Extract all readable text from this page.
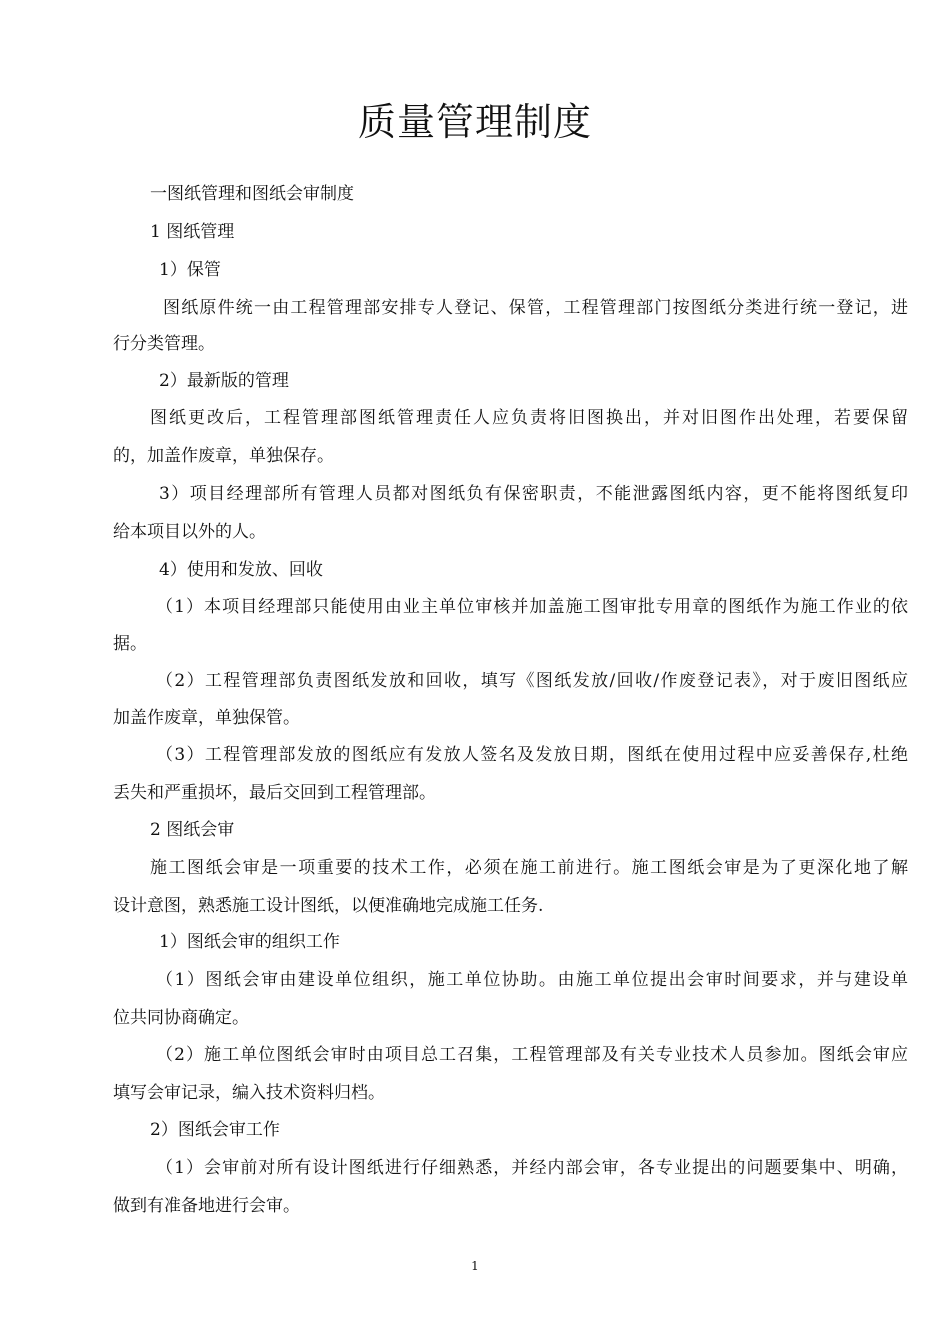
质量管理制度
一图纸管理和图纸会审制度
1 图纸管理
1）保管
图纸原件统一由工程管理部安排专人登记、保管，工程管理部门按图纸分类进行统一登记，进
行分类管理。
2）最新版的管理
图纸更改后，工程管理部图纸管理责任人应负责将旧图换出，并对旧图作出处理，若要保留
的，加盖作废章，单独保存。
3）项目经理部所有管理人员都对图纸负有保密职责，不能泄露图纸内容，更不能将图纸复印
给本项目以外的人。
4）使用和发放、回收
（1）本项目经理部只能使用由业主单位审核并加盖施工图审批专用章的图纸作为施工作业的依
据。
（2）工程管理部负责图纸发放和回收，填写《图纸发放/回收/作废登记表》，对于废旧图纸应
加盖作废章，单独保管。
（3）工程管理部发放的图纸应有发放人签名及发放日期，图纸在使用过程中应妥善保存,杜绝
丢失和严重损坏，最后交回到工程管理部。
2 图纸会审
施工图纸会审是一项重要的技术工作，必须在施工前进行。施工图纸会审是为了更深化地了解
设计意图，熟悉施工设计图纸，以便准确地完成施工任务.
1）图纸会审的组织工作
（1）图纸会审由建设单位组织，施工单位协助。由施工单位提出会审时间要求，并与建设单
位共同协商确定。
（2）施工单位图纸会审时由项目总工召集，工程管理部及有关专业技术人员参加。图纸会审应
填写会审记录，编入技术资料归档。
2）图纸会审工作
（1）会审前对所有设计图纸进行仔细熟悉，并经内部会审，各专业提出的问题要集中、明确，
做到有准备地进行会审。
1
